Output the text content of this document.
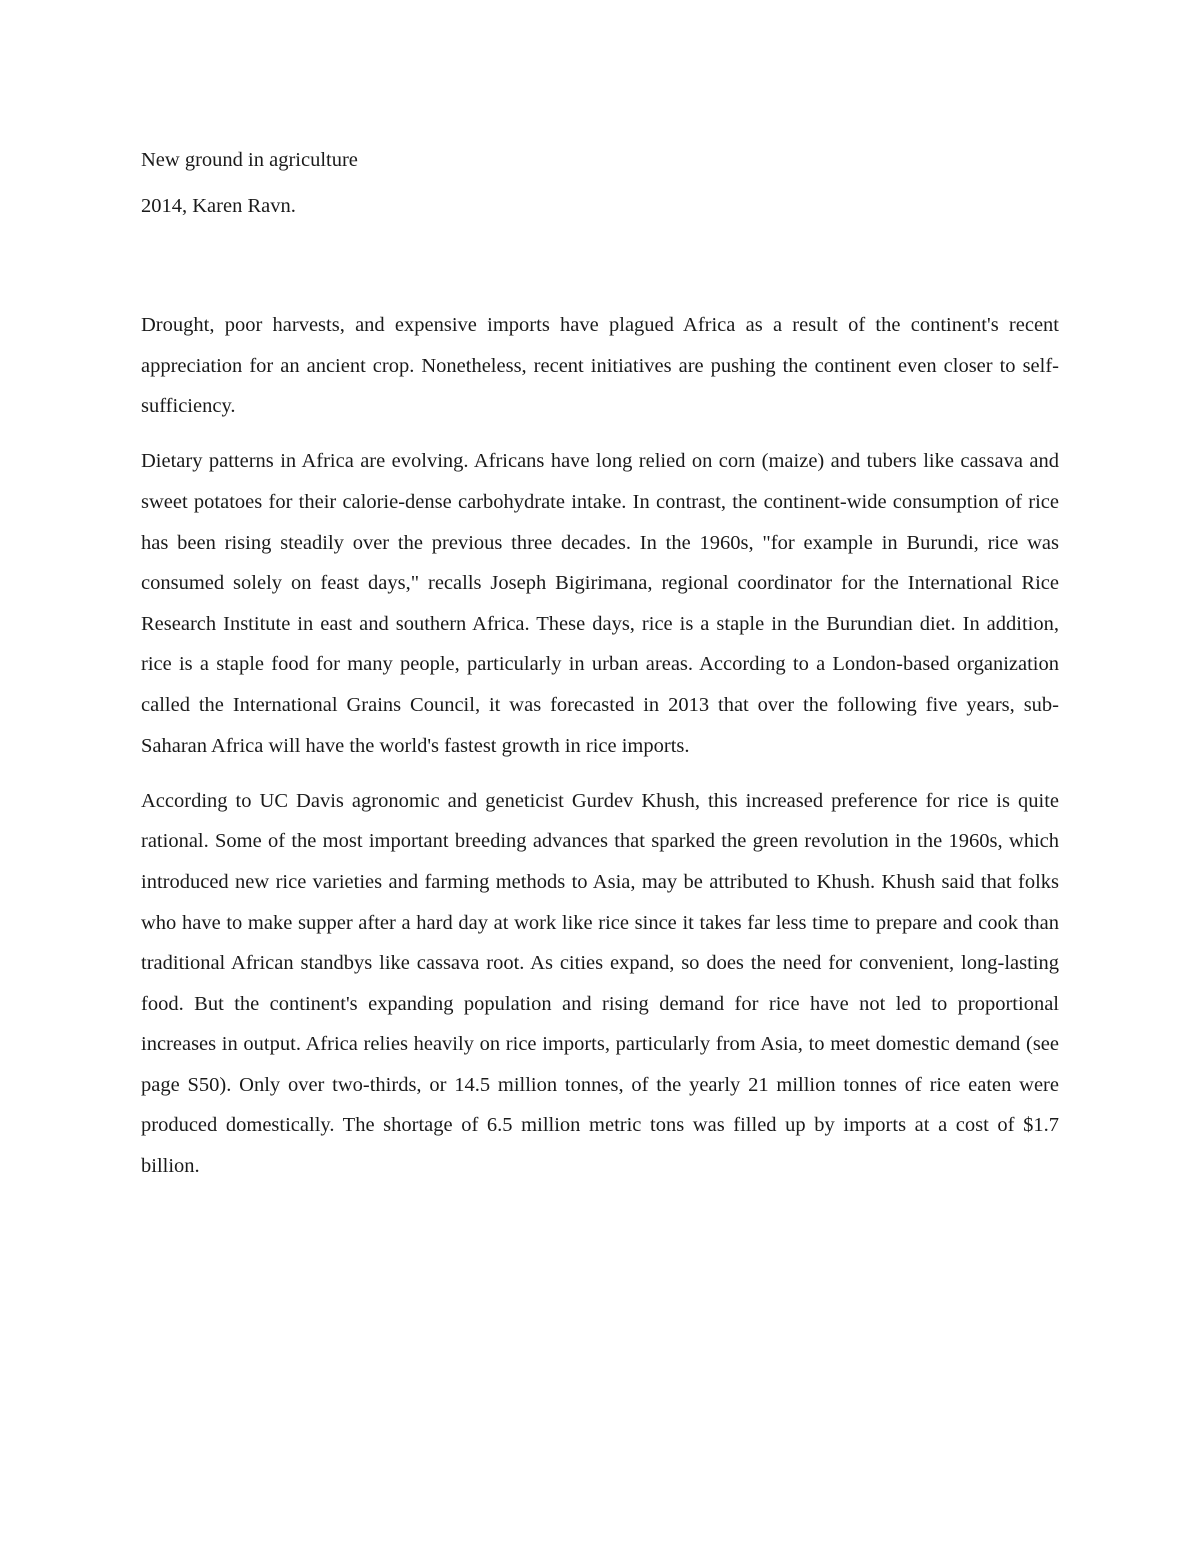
New ground in agriculture

2014, Karen Ravn.

Drought, poor harvests, and expensive imports have plagued Africa as a result of the continent's recent appreciation for an ancient crop. Nonetheless, recent initiatives are pushing the continent even closer to self-sufficiency.

Dietary patterns in Africa are evolving. Africans have long relied on corn (maize) and tubers like cassava and sweet potatoes for their calorie-dense carbohydrate intake. In contrast, the continent-wide consumption of rice has been rising steadily over the previous three decades. In the 1960s, "for example in Burundi, rice was consumed solely on feast days," recalls Joseph Bigirimana, regional coordinator for the International Rice Research Institute in east and southern Africa. These days, rice is a staple in the Burundian diet. In addition, rice is a staple food for many people, particularly in urban areas. According to a London-based organization called the International Grains Council, it was forecasted in 2013 that over the following five years, sub-Saharan Africa will have the world's fastest growth in rice imports.

According to UC Davis agronomic and geneticist Gurdev Khush, this increased preference for rice is quite rational. Some of the most important breeding advances that sparked the green revolution in the 1960s, which introduced new rice varieties and farming methods to Asia, may be attributed to Khush. Khush said that folks who have to make supper after a hard day at work like rice since it takes far less time to prepare and cook than traditional African standbys like cassava root. As cities expand, so does the need for convenient, long-lasting food. But the continent's expanding population and rising demand for rice have not led to proportional increases in output. Africa relies heavily on rice imports, particularly from Asia, to meet domestic demand (see page S50). Only over two-thirds, or 14.5 million tonnes, of the yearly 21 million tonnes of rice eaten were produced domestically. The shortage of 6.5 million metric tons was filled up by imports at a cost of $1.7 billion.
